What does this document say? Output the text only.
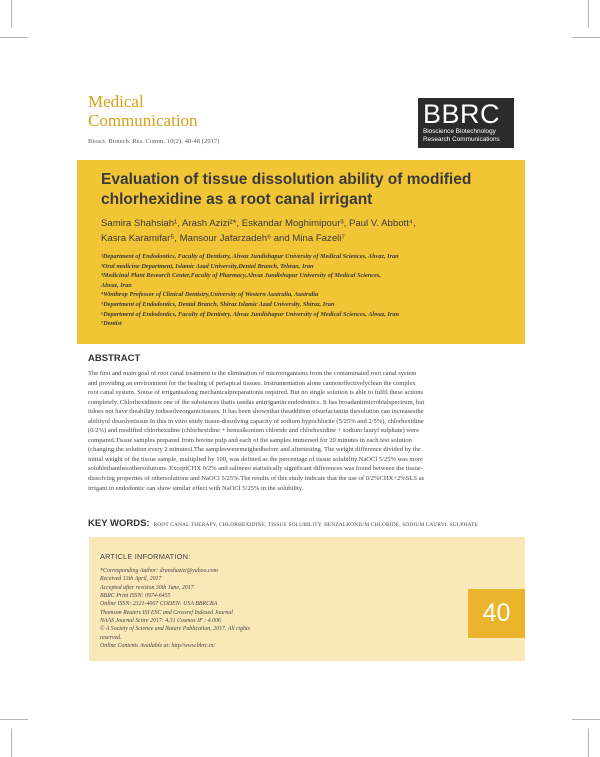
Medical
Communication
Biosci. Biotech. Res. Comm. 10(2): 40-48 (2017)
BBRC
Bioscience Biotechnology
Research Communications
Evaluation of tissue dissolution ability of modified chlorhexidine as a root canal irrigant
Samira Shahsiah¹, Arash Azizi²*, Eskandar Moghimipour³, Paul V. Abbott⁴,
Kasra Karamifar⁵, Mansour Jafarzadeh⁶ and Mina Fazeli⁷
¹Department of Endodontics, Faculty of Dentistry, Ahvaz Jundishapur University of Medical Sciences, Ahvaz, Iran
²Oral medicine Department, Islamic Azad University,Dental Branch, Tehran, Iran
³Medicinal Plant Research Center,Faculty of Pharmacy,Ahvaz Jundishapur University of Medical Sciences,
Ahvaz, Iran
⁴Winthrop Professor of Clinical Dentistry,University of Western Australia, Australia
⁵Department of Endodontics, Dental Branch, Shiraz Islamic Azad University, Shiraz, Iran
⁶Department of Endodontics, Faculty of Dentistry, Ahvaz Jundishapur University of Medical Sciences, Ahvaz, Iran
⁷Dentist
ABSTRACT
The first and main goal of root canal treatment is the elimination of microorganisms from the contaminated root canal system
and providing an environment for the healing of periapical tissues. Instrumentation alone cannoteffectivelyclean the complex
root canal system. Souse of irrigantsalong mechanicalpreparationis required. But no single solution is able to fulfil these actions
completely. Chlorhexidineis one of the substances thatis usedas anirrigantin endodontics. It has broadantimicrobialspectrum, but
itdoes not have theability todissolveorganictissues. It has been shownthat theaddition ofsurfactantin thesolution can increasesthe
abilityof dissolvetissue.In this in vitro study tissue-dissolving capacity of sodium hypochlorite (5/25% and 2/5%), chlorhexidine
(0/2%) and modified chlorhexidine (chlorhexidine + benzalkonium chloride and chlorhexidine + sodium lauryl sulphate) were
compared.Tissue samples prepared from bovine pulp and each of the samples immersed for 20 minutes in each test solution
(changing the solution every 2 minutes).The samplesweremeighedbefore and aftertesting. The weight difference divided by the
initial weight of the tissue sample, multiplied by 100, was defined as the percentage of tissue solubility.NaOCl 5/25% was more
solublethanthesothersolutions. ExceptCHX 0/2% and salineno statistically significant differences was found between the tissue-
dissolving properties of othersolutions and NaOCl 5/25%.The results of this study indicate that the use of 0/2%CHX+2%SLS as
irrigant in endodontic can show similar effect with NaOCl 5/25% in the solubility.
KEY WORDS: ROOT CANAL THERAPY, CHLORHEXIDINE, TISSUE SOLUBILITY, BENZALKONIUM CHLORIDE, SODIUM LAURYL SULPHATE
ARTICLE INFORMATION:
*Corresponding Author: dranshazizi@yahoo.com
Received 13th April, 2017
Accepted after revision 30th June, 2017
BBRC Print ISSN: 0974-6455
Online ISSN: 2321-4007 CODEN: USA BBRCBA
Thomson Reuters ISI ESC and Crossref Indexed Journal
NAAS Journal Score 2017: 4.31 Cosmos IF : 4.006
© A Society of Science and Nature Publication, 2017. All rights
reserved.
Online Contents Available at: http//www.bbrc.in/
40
